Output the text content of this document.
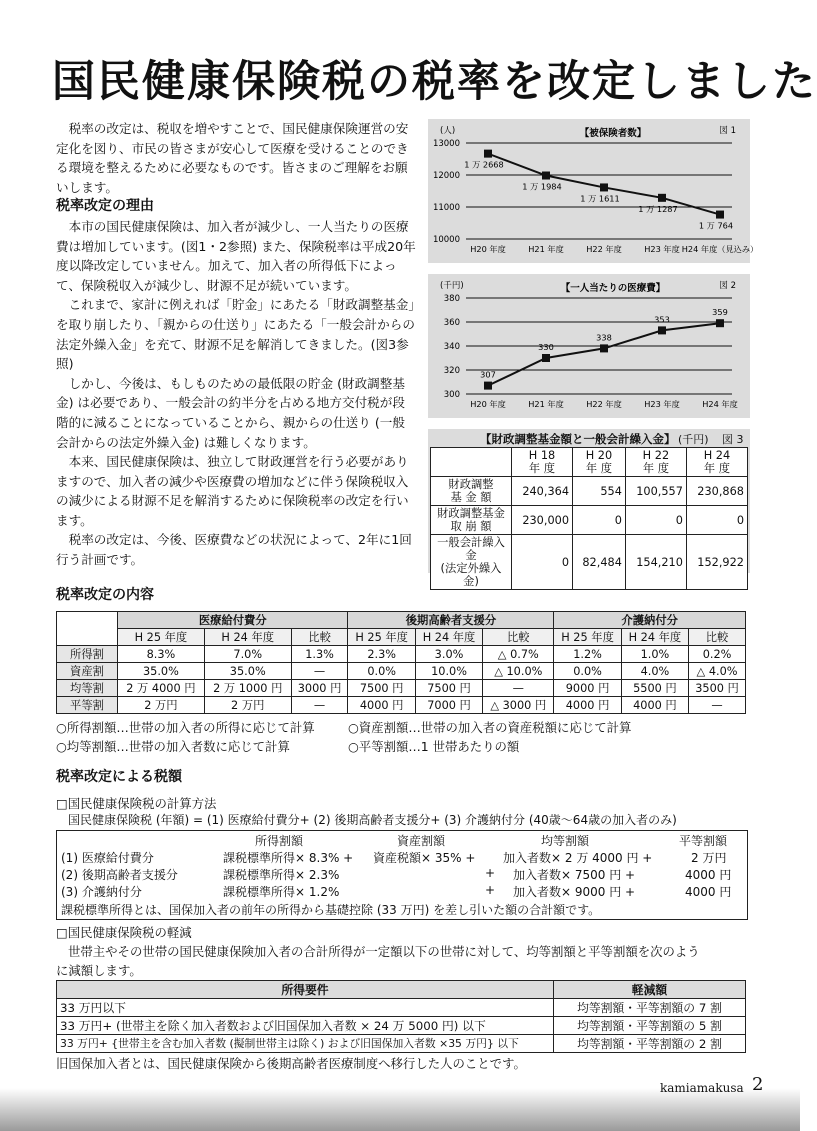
国民健康保険税の税率を改定しました

税率の改定は、税収を増やすことで、国民健康保険運営の安定化を図り、市民の皆さまが安心して医療を受けることのできる環境を整えるために必要なものです。皆さまのご理解をお願いします。

税率改定の理由

本市の国民健康保険は、加入者が減少し、一人当たりの医療費は増加しています。(図1・2参照) また、保険税率は平成20年度以降改定していません。加えて、加入者の所得低下によって、保険税収入が減少し、財源不足が続いています。

これまで、家計に例えれば「貯金」にあたる「財政調整基金」を取り崩したり、「親からの仕送り」にあたる「一般会計からの法定外繰入金」を充て、財源不足を解消してきました。(図3参照)

しかし、今後は、もしものための最低限の貯金 (財政調整基金) は必要であり、一般会計の約半分を占める地方交付税が段階的に減ることになっていることから、親からの仕送り (一般会計からの法定外繰入金) は難しくなります。

本来、国民健康保険は、独立して財政運営を行う必要がありますので、加入者の減少や医療費の増加などに伴う保険税収入の減少による財源不足を解消するために保険税率の改定を行います。

税率の改定は、今後、医療費などの状況によって、2年に1回行う計画です。

10000
11000
12000
13000
(人)	【被保険者数】	図 1
1 万 2668
1 万 1984
1 万 1611
1 万 1287
1 万 764
H20 年度	H21 年度	H22 年度	H23 年度 H24 年度（見込み）
300
320
340
360
380
(千円)	【一人当たりの医療費】	図 2
307
330
338
353
359
H20 年度	H21 年度	H22 年度	H23 年度	H24 年度
【財政調整基金額と一般会計繰入金】 (千円) 図 3
	H 18
年 度	H 20
年 度	H 22
年 度	H 24
年 度
財政調整
基 金 額	240,364	554	100,557	230,868
財政調整基金
取 崩 額	230,000	0	0	0
一般会計繰入金
(法定外繰入金)	0	82,484	154,210	152,922
税率改定の内容
	医療給付費分			後期高齢者支援分			介護納付分		
	H 25 年度	H 24 年度	比較	H 25 年度	H 24 年度	比較	H 25 年度	H 24 年度	比較
所得割	8.3%	7.0%	1.3%	2.3%	3.0%	△ 0.7%	1.2%	1.0%	0.2%
資産割	35.0%	35.0%	—	0.0%	10.0%	△ 10.0%	0.0%	4.0%	△ 4.0%
均等割	2 万 4000 円	2 万 1000 円	3000 円	7500 円	7500 円	—	9000 円	5500 円	3500 円
平等割	2 万円	2 万円	—	4000 円	7000 円	△ 3000 円	4000 円	4000 円	—
○所得割額…世帯の加入者の所得に応じて計算	○資産割額…世帯の加入者の資産税額に応じて計算
○均等割額…世帯の加入者数に応じて計算	○平等割額…1 世帯あたりの額
税率改定による税額
□国民健康保険税の計算方法
国民健康保険税 (年額) = (1) 医療給付費分+ (2) 後期高齢者支援分+ (3) 介護納付分 (40歳～64歳の加入者のみ)
所得割額	資産割額	均等割額	平等割額
(1) 医療給付費分	課税標準所得× 8.3% + 資産税額× 35% + 加入者数× 2 万 4000 円 +	2 万円
(2) 後期高齢者支援分	課税標準所得× 2.3%	+ 加入者数× 7500 円 +	4000 円
(3) 介護納付分	課税標準所得× 1.2%	+ 加入者数× 9000 円 +	4000 円
課税標準所得とは、国保加入者の前年の所得から基礎控除 (33 万円) を差し引いた額の合計額です。
□国民健康保険税の軽減
世帯主やその世帯の国民健康保険加入者の合計所得が一定額以下の世帯に対して、均等割額と平等割額を次のよう
に減額します。
所得要件	軽減額
33 万円以下	均等割額・平等割額の 7 割
33 万円+ (世帯主を除く加入者数および旧国保加入者数 × 24 万 5000 円) 以下	均等割額・平等割額の 5 割
33 万円+ {世帯主を含む加入者数 (擬制世帯主は除く) および旧国保加入者数 ×35 万円} 以下	均等割額・平等割額の 2 割
旧国保加入者とは、国民健康保険から後期高齢者医療制度へ移行した人のことです。
kamiamakusa 2
